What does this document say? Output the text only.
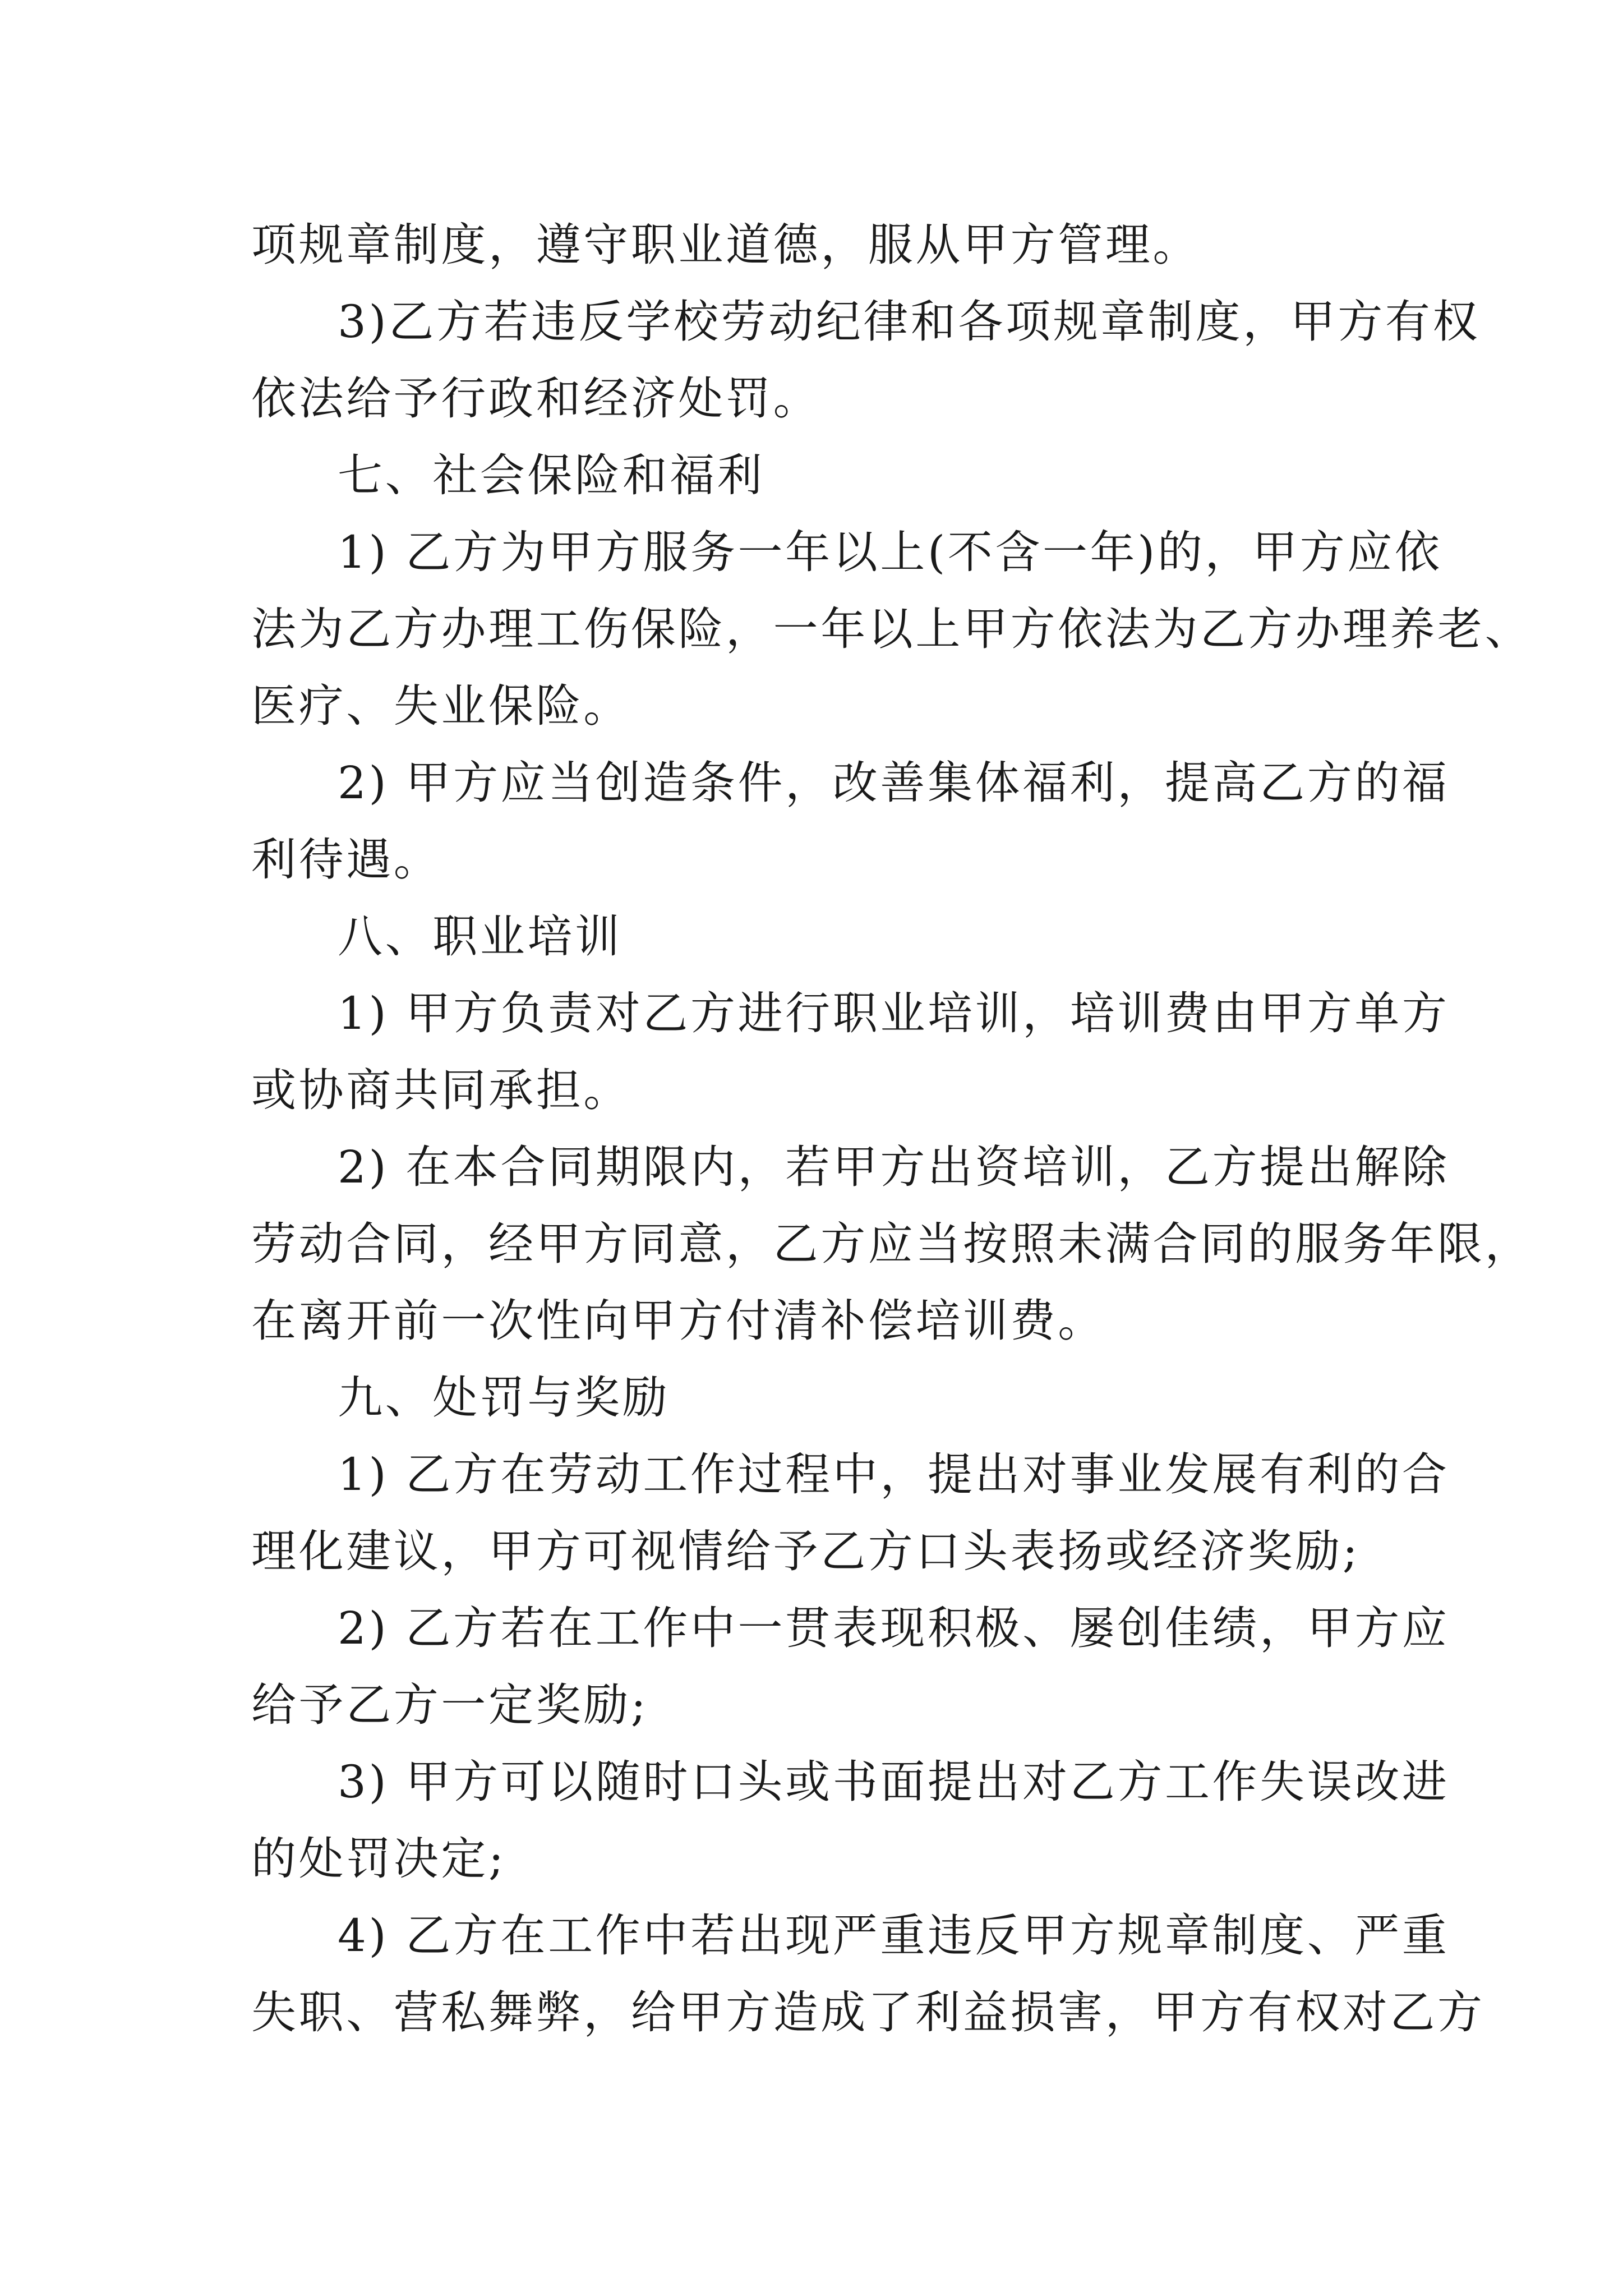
项规章制度，遵守职业道德，服从甲方管理。
3)乙方若违反学校劳动纪律和各项规章制度，甲方有权
依法给予行政和经济处罚。
七、社会保险和福利
1) 乙方为甲方服务一年以上(不含一年)的，甲方应依
法为乙方办理工伤保险，一年以上甲方依法为乙方办理养老、
医疗、失业保险。
2) 甲方应当创造条件，改善集体福利，提高乙方的福
利待遇。
八、职业培训
1) 甲方负责对乙方进行职业培训，培训费由甲方单方
或协商共同承担。
2) 在本合同期限内，若甲方出资培训，乙方提出解除
劳动合同，经甲方同意，乙方应当按照未满合同的服务年限，
在离开前一次性向甲方付清补偿培训费。
九、处罚与奖励
1) 乙方在劳动工作过程中，提出对事业发展有利的合
理化建议，甲方可视情给予乙方口头表扬或经济奖励;
2) 乙方若在工作中一贯表现积极、屡创佳绩，甲方应
给予乙方一定奖励;
3) 甲方可以随时口头或书面提出对乙方工作失误改进
的处罚决定;
4) 乙方在工作中若出现严重违反甲方规章制度、严重
失职、营私舞弊，给甲方造成了利益损害，甲方有权对乙方
